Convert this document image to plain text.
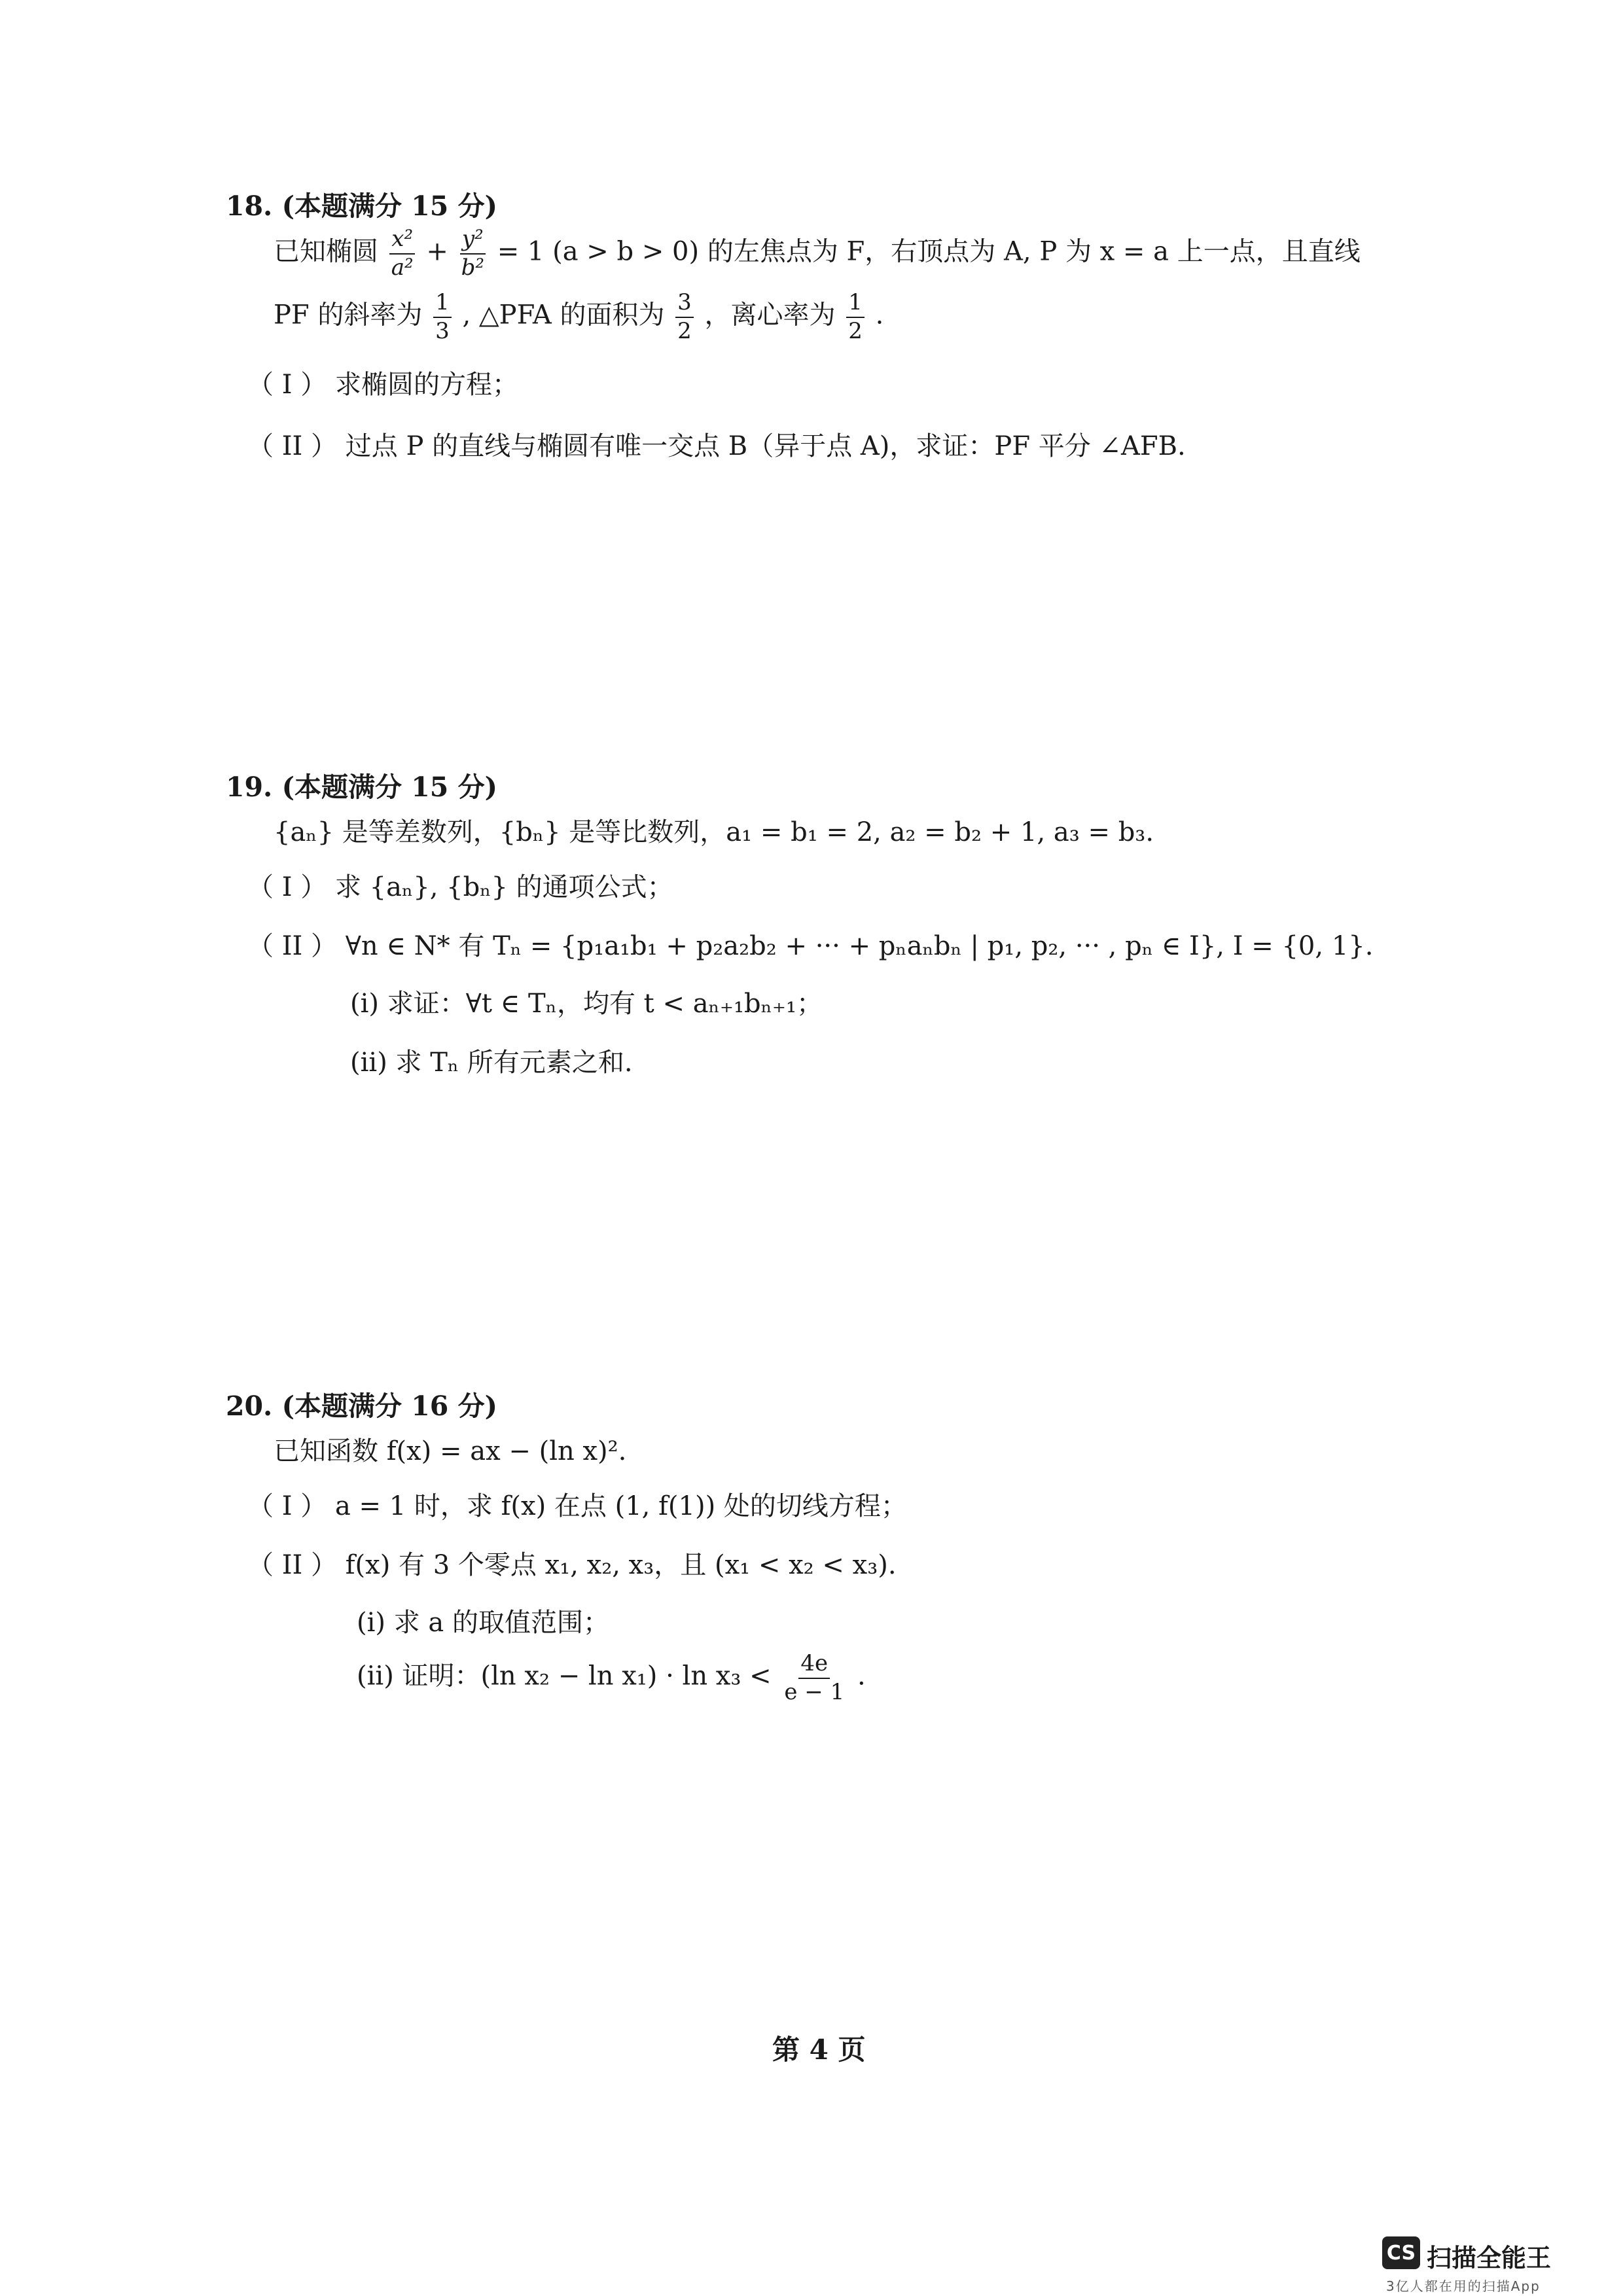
18. (本题满分 15 分)
已知椭圆 $\frac{\text{x²}}{\text{a²}} + \frac{\text{y²}}{\text{b²}} = 1$ (a > b > 0) 的左焦点为 F，右顶点为 A, P 为 x = a 上一点，且直线
PF 的斜率为 $\frac{1}{3}$ , △PFA 的面积为 $\frac{3}{2}$ ，离心率为 $\frac{1}{2}$ .
（ I ） 求椭圆的方程；
（ II ） 过点 P 的直线与椭圆有唯一交点 B（异于点 A)，求证：PF 平分 ∠AFB.
19. (本题满分 15 分)
{aₙ} 是等差数列，{bₙ} 是等比数列，a₁ = b₁ = 2, a₂ = b₂ + 1, a₃ = b₃.
（ I ） 求 {aₙ}, {bₙ} 的通项公式；
（ II ） ∀n ∈ N* 有 Tₙ = {p₁a₁b₁ + p₂a₂b₂ + ··· + pₙaₙbₙ | p₁, p₂, ··· , pₙ ∈ I}, I = {0, 1}.
(i) 求证：∀t ∈ Tₙ，均有 t < aₙ₊₁bₙ₊₁；
(ii) 求 Tₙ 所有元素之和.
20. (本题满分 16 分)
已知函数 f(x) = ax − (ln x)².
（ I ） a = 1 时，求 f(x) 在点 (1, f(1)) 处的切线方程；
（ II ） f(x) 有 3 个零点 x₁, x₂, x₃，且 (x₁ < x₂ < x₃).
(i) 求 a 的取值范围；
(ii) 证明：(ln $x_2 - \ln x_1) \cdot \ln x_3 < \frac{4e}{e - 1}$ .
第 4 页
CS 扫描全能王
3亿人都在用的扫描App
